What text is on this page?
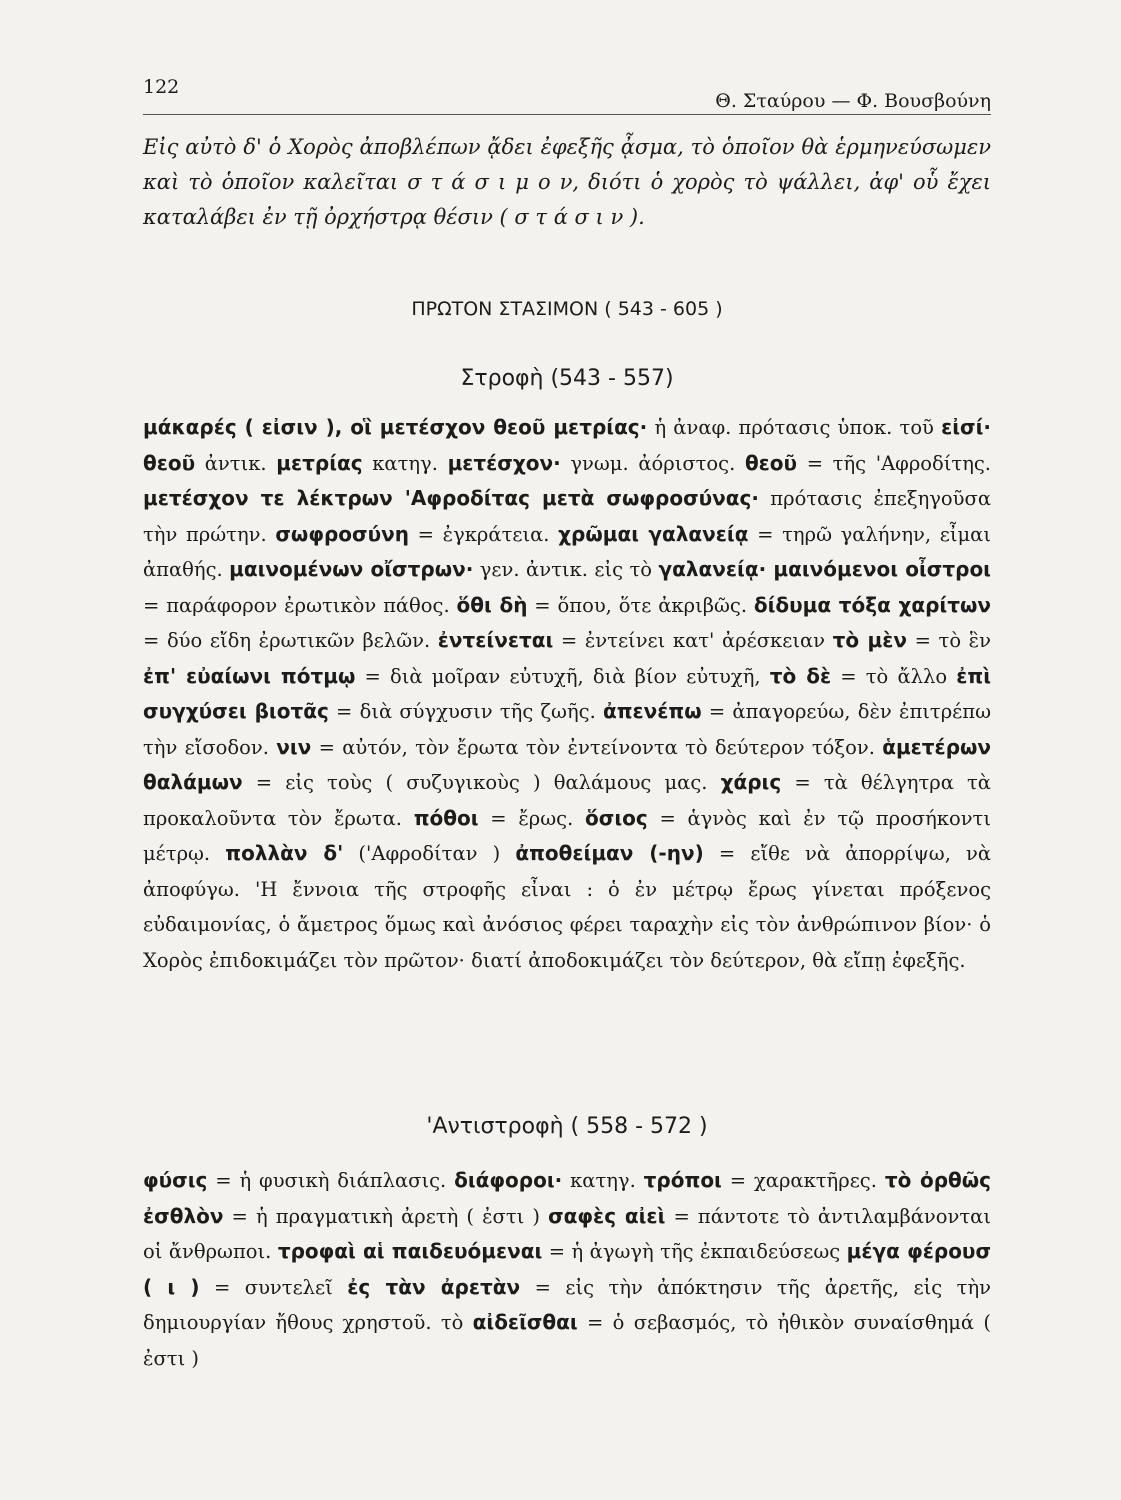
122
Θ. Σταύρου — Φ. Βουσβούνη

Εἰς αὐτὸ δ' ὁ Χορὸς ἀποβλέπων ᾄδει ἐφεξῆς ᾆσμα, τὸ ὁποῖον θὰ ἑρμηνεύσωμεν καὶ τὸ ὁποῖον καλεῖται σ τ ά σ ι μ ο ν, διότι ὁ χορὸς τὸ ψάλλει, ἀφ' οὗ ἔχει καταλάβει ἐν τῇ ὀρχήστρᾳ θέσιν ( σ τ ά σ ι ν ).

ΠΡΩΤΟΝ ΣΤΑΣΙΜΟΝ ( 543 - 605 )

Στροφὴ (543 - 557)

μάκαρές ( εἰσιν ), οἳ μετέσχον θεοῦ μετρίας· ἡ ἀναφ. πρότασις ὑποκ. τοῦ εἰσί· θεοῦ ἀντικ. μετρίας κατηγ. μετέσχον· γνωμ. ἀόριστος. θεοῦ = τῆς 'Αφροδίτης. μετέσχον τε λέκτρων 'Αφροδίτας μετὰ σωφροσύνας· πρότασις ἐπεξηγοῦσα τὴν πρώτην. σωφροσύνη = ἐγκράτεια. χρῶμαι γαλανείᾳ = τηρῶ γαλήνην, εἶμαι ἀπαθής. μαινομένων οἴστρων· γεν. ἀντικ. εἰς τὸ γαλανείᾳ· μαινόμενοι οἶστροι = παράφορον ἐρωτικὸν πάθος. ὅθι δὴ = ὅπου, ὅτε ἀκριβῶς. δίδυμα τόξα χαρίτων = δύο εἴδη ἐρωτικῶν βελῶν. ἐντείνεται = ἐντείνει κατ' ἀρέσκειαν τὸ μὲν = τὸ ἓν ἐπ' εὐαίωνι πότμῳ = διὰ μοῖραν εὐτυχῆ, διὰ βίον εὐτυχῆ, τὸ δὲ = τὸ ἄλλο ἐπὶ συγχύσει βιοτᾶς = διὰ σύγχυσιν τῆς ζωῆς. ἀπενέπω = ἀπαγορεύω, δὲν ἐπιτρέπω τὴν εἴσοδον. νιν = αὐτόν, τὸν ἔρωτα τὸν ἐντείνοντα τὸ δεύτερον τόξον. ἁμετέρων θαλάμων = εἰς τοὺς ( συζυγικοὺς ) θαλάμους μας. χάρις = τὰ θέλγητρα τὰ προκαλοῦντα τὸν ἔρωτα. πόθοι = ἔρως. ὅσιος = ἁγνὸς καὶ ἐν τῷ προσήκοντι μέτρῳ. πολλὰν δ' ('Αφροδίταν ) ἀποθείμαν (-ην) = εἴθε νὰ ἀπορρίψω, νὰ ἀποφύγω. 'Η ἔννοια τῆς στροφῆς εἶναι : ὁ ἐν μέτρῳ ἔρως γίνεται πρόξενος εὐδαιμονίας, ὁ ἄμετρος ὅμως καὶ ἀνόσιος φέρει ταραχὴν εἰς τὸν ἀνθρώπινον βίον· ὁ Χορὸς ἐπιδοκιμάζει τὸν πρῶτον· διατί ἀποδοκιμάζει τὸν δεύτερον, θὰ εἴπῃ ἐφεξῆς.

'Αντιστροφὴ ( 558 - 572 )

φύσις = ἡ φυσικὴ διάπλασις. διάφοροι· κατηγ. τρόποι = χαρακτῆρες. τὸ ὀρθῶς ἐσθλὸν = ἡ πραγματικὴ ἀρετὴ ( ἐστι ) σαφὲς αἰεὶ = πάντοτε τὸ ἀντιλαμβάνονται οἱ ἄνθρωποι. τροφαὶ αἱ παιδευόμεναι = ἡ ἀγωγὴ τῆς ἐκπαιδεύσεως μέγα φέρουσ ( ι ) = συντελεῖ ἐς τὰν ἀρετὰν = εἰς τὴν ἀπόκτησιν τῆς ἀρετῆς, εἰς τὴν δημιουργίαν ἤθους χρηστοῦ. τὸ αἰδεῖσθαι = ὁ σεβασμός, τὸ ἠθικὸν συναίσθημά ( ἐστι )
